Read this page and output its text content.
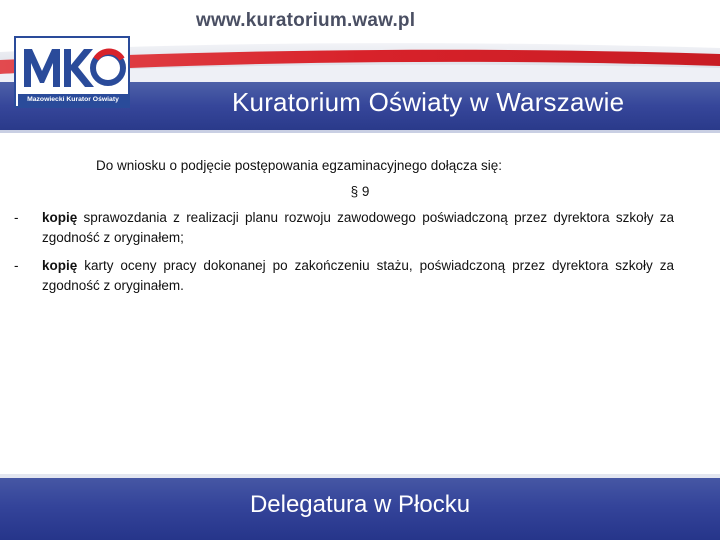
www.kuratorium.waw.pl
Kuratorium Oświaty w Warszawie
Mazowiecki Kurator Oświaty
Do wniosku o podjęcie postępowania egzaminacyjnego dołącza się:
§ 9
-	kopię sprawozdania z realizacji planu rozwoju zawodowego poświadczoną przez dyrektora szkoły za zgodność z oryginałem;
-	kopię karty oceny pracy dokonanej po zakończeniu stażu, poświadczoną przez dyrektora szkoły za zgodność z oryginałem.
Delegatura w Płocku
